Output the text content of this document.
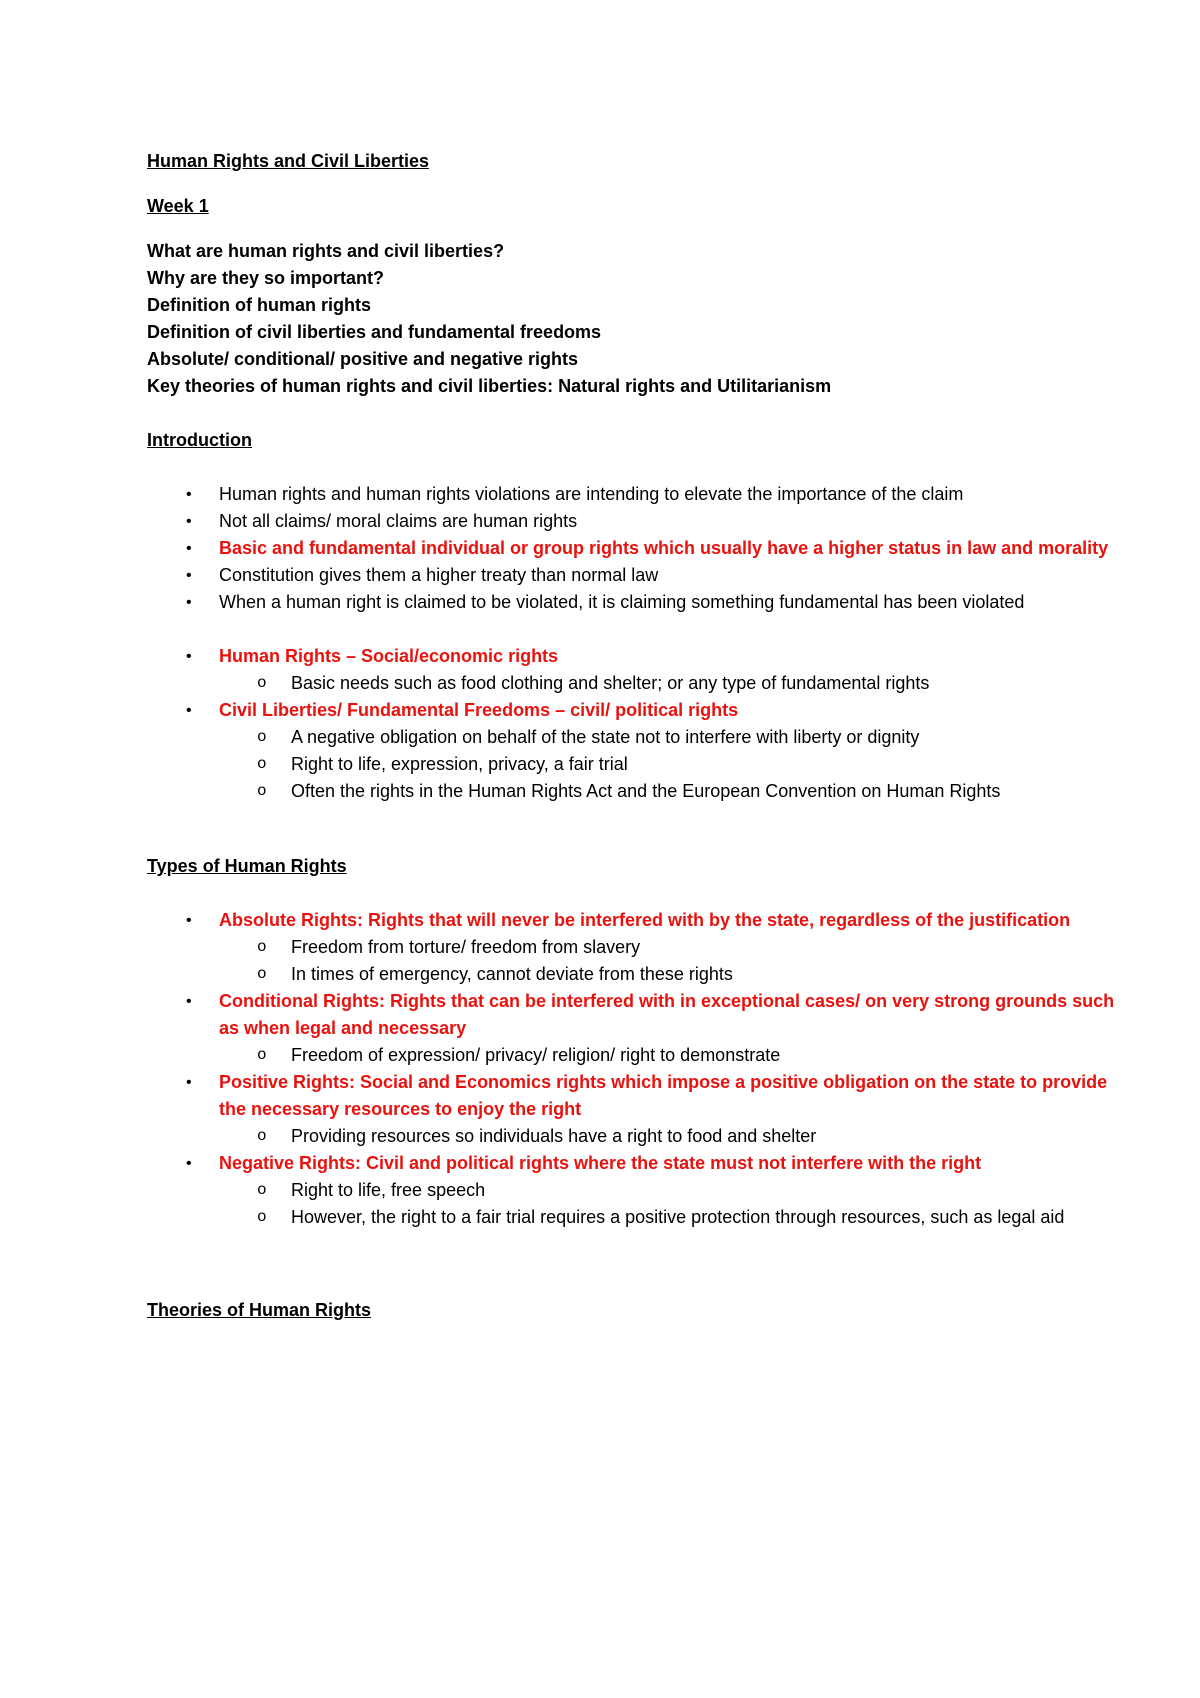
Human Rights and Civil Liberties
Week 1
What are human rights and civil liberties?
Why are they so important?
Definition of human rights
Definition of civil liberties and fundamental freedoms
Absolute/ conditional/ positive and negative rights
Key theories of human rights and civil liberties: Natural rights and Utilitarianism
Introduction
• Human rights and human rights violations are intending to elevate the importance of the claim
• Not all claims/ moral claims are human rights
• Basic and fundamental individual or group rights which usually have a higher status in law and morality
• Constitution gives them a higher treaty than normal law
• When a human right is claimed to be violated, it is claiming something fundamental has been violated
• Human Rights – Social/economic rights
o Basic needs such as food clothing and shelter; or any type of fundamental rights
• Civil Liberties/ Fundamental Freedoms – civil/ political rights
o A negative obligation on behalf of the state not to interfere with liberty or dignity
o Right to life, expression, privacy, a fair trial
o Often the rights in the Human Rights Act and the European Convention on Human Rights
Types of Human Rights
• Absolute Rights: Rights that will never be interfered with by the state, regardless of the justification
o Freedom from torture/ freedom from slavery
o In times of emergency, cannot deviate from these rights
• Conditional Rights: Rights that can be interfered with in exceptional cases/ on very strong grounds such as when legal and necessary
o Freedom of expression/ privacy/ religion/ right to demonstrate
• Positive Rights: Social and Economics rights which impose a positive obligation on the state to provide the necessary resources to enjoy the right
o Providing resources so individuals have a right to food and shelter
• Negative Rights: Civil and political rights where the state must not interfere with the right
o Right to life, free speech
o However, the right to a fair trial requires a positive protection through resources, such as legal aid
Theories of Human Rights
